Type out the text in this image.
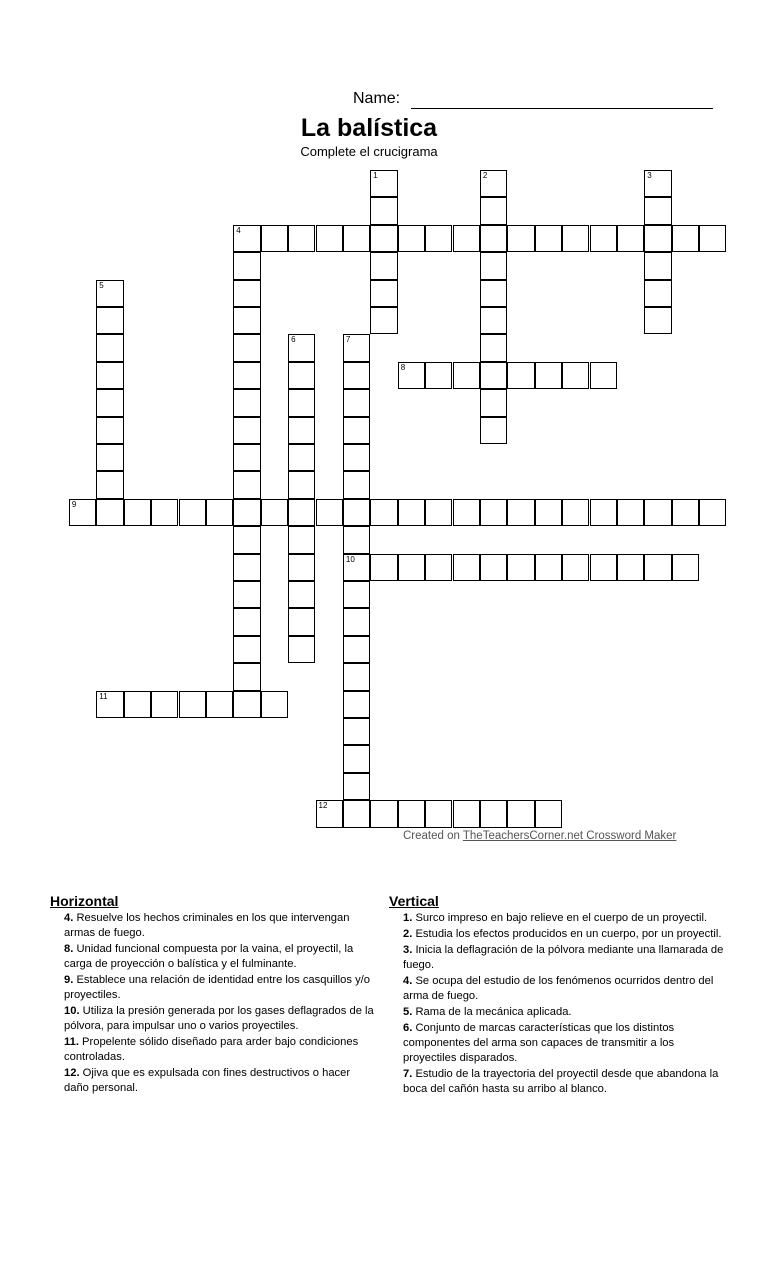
Name:
La balística
Complete el crucigrama
4
8
9
10
11
12
1	2	3
5
6	7
Created on TheTeachersCorner.net Crossword Maker
Horizontal
4. Resuelve los hechos criminales en los que intervengan armas de fuego.
8. Unidad funcional compuesta por la vaina, el proyectil, la carga de proyección o balística y el fulminante.
9. Establece una relación de identidad entre los casquillos y/o proyectiles.
10. Utiliza la presión generada por los gases deflagrados de la pólvora, para impulsar uno o varios proyectiles.
11. Propelente sólido diseñado para arder bajo condiciones controladas.
12. Ojiva que es expulsada con fines destructivos o hacer daño personal.
Vertical
1. Surco impreso en bajo relieve en el cuerpo de un proyectil.
2. Estudia los efectos producidos en un cuerpo, por un proyectil.
3. Inicia la deflagración de la pólvora mediante una llamarada de fuego.
4. Se ocupa del estudio de los fenómenos ocurridos dentro del arma de fuego.
5. Rama de la mecánica aplicada.
6. Conjunto de marcas características que los distintos componentes del arma son capaces de transmitir a los proyectiles disparados.
7. Estudio de la trayectoria del proyectil desde que abandona la boca del cañón hasta su arribo al blanco.
